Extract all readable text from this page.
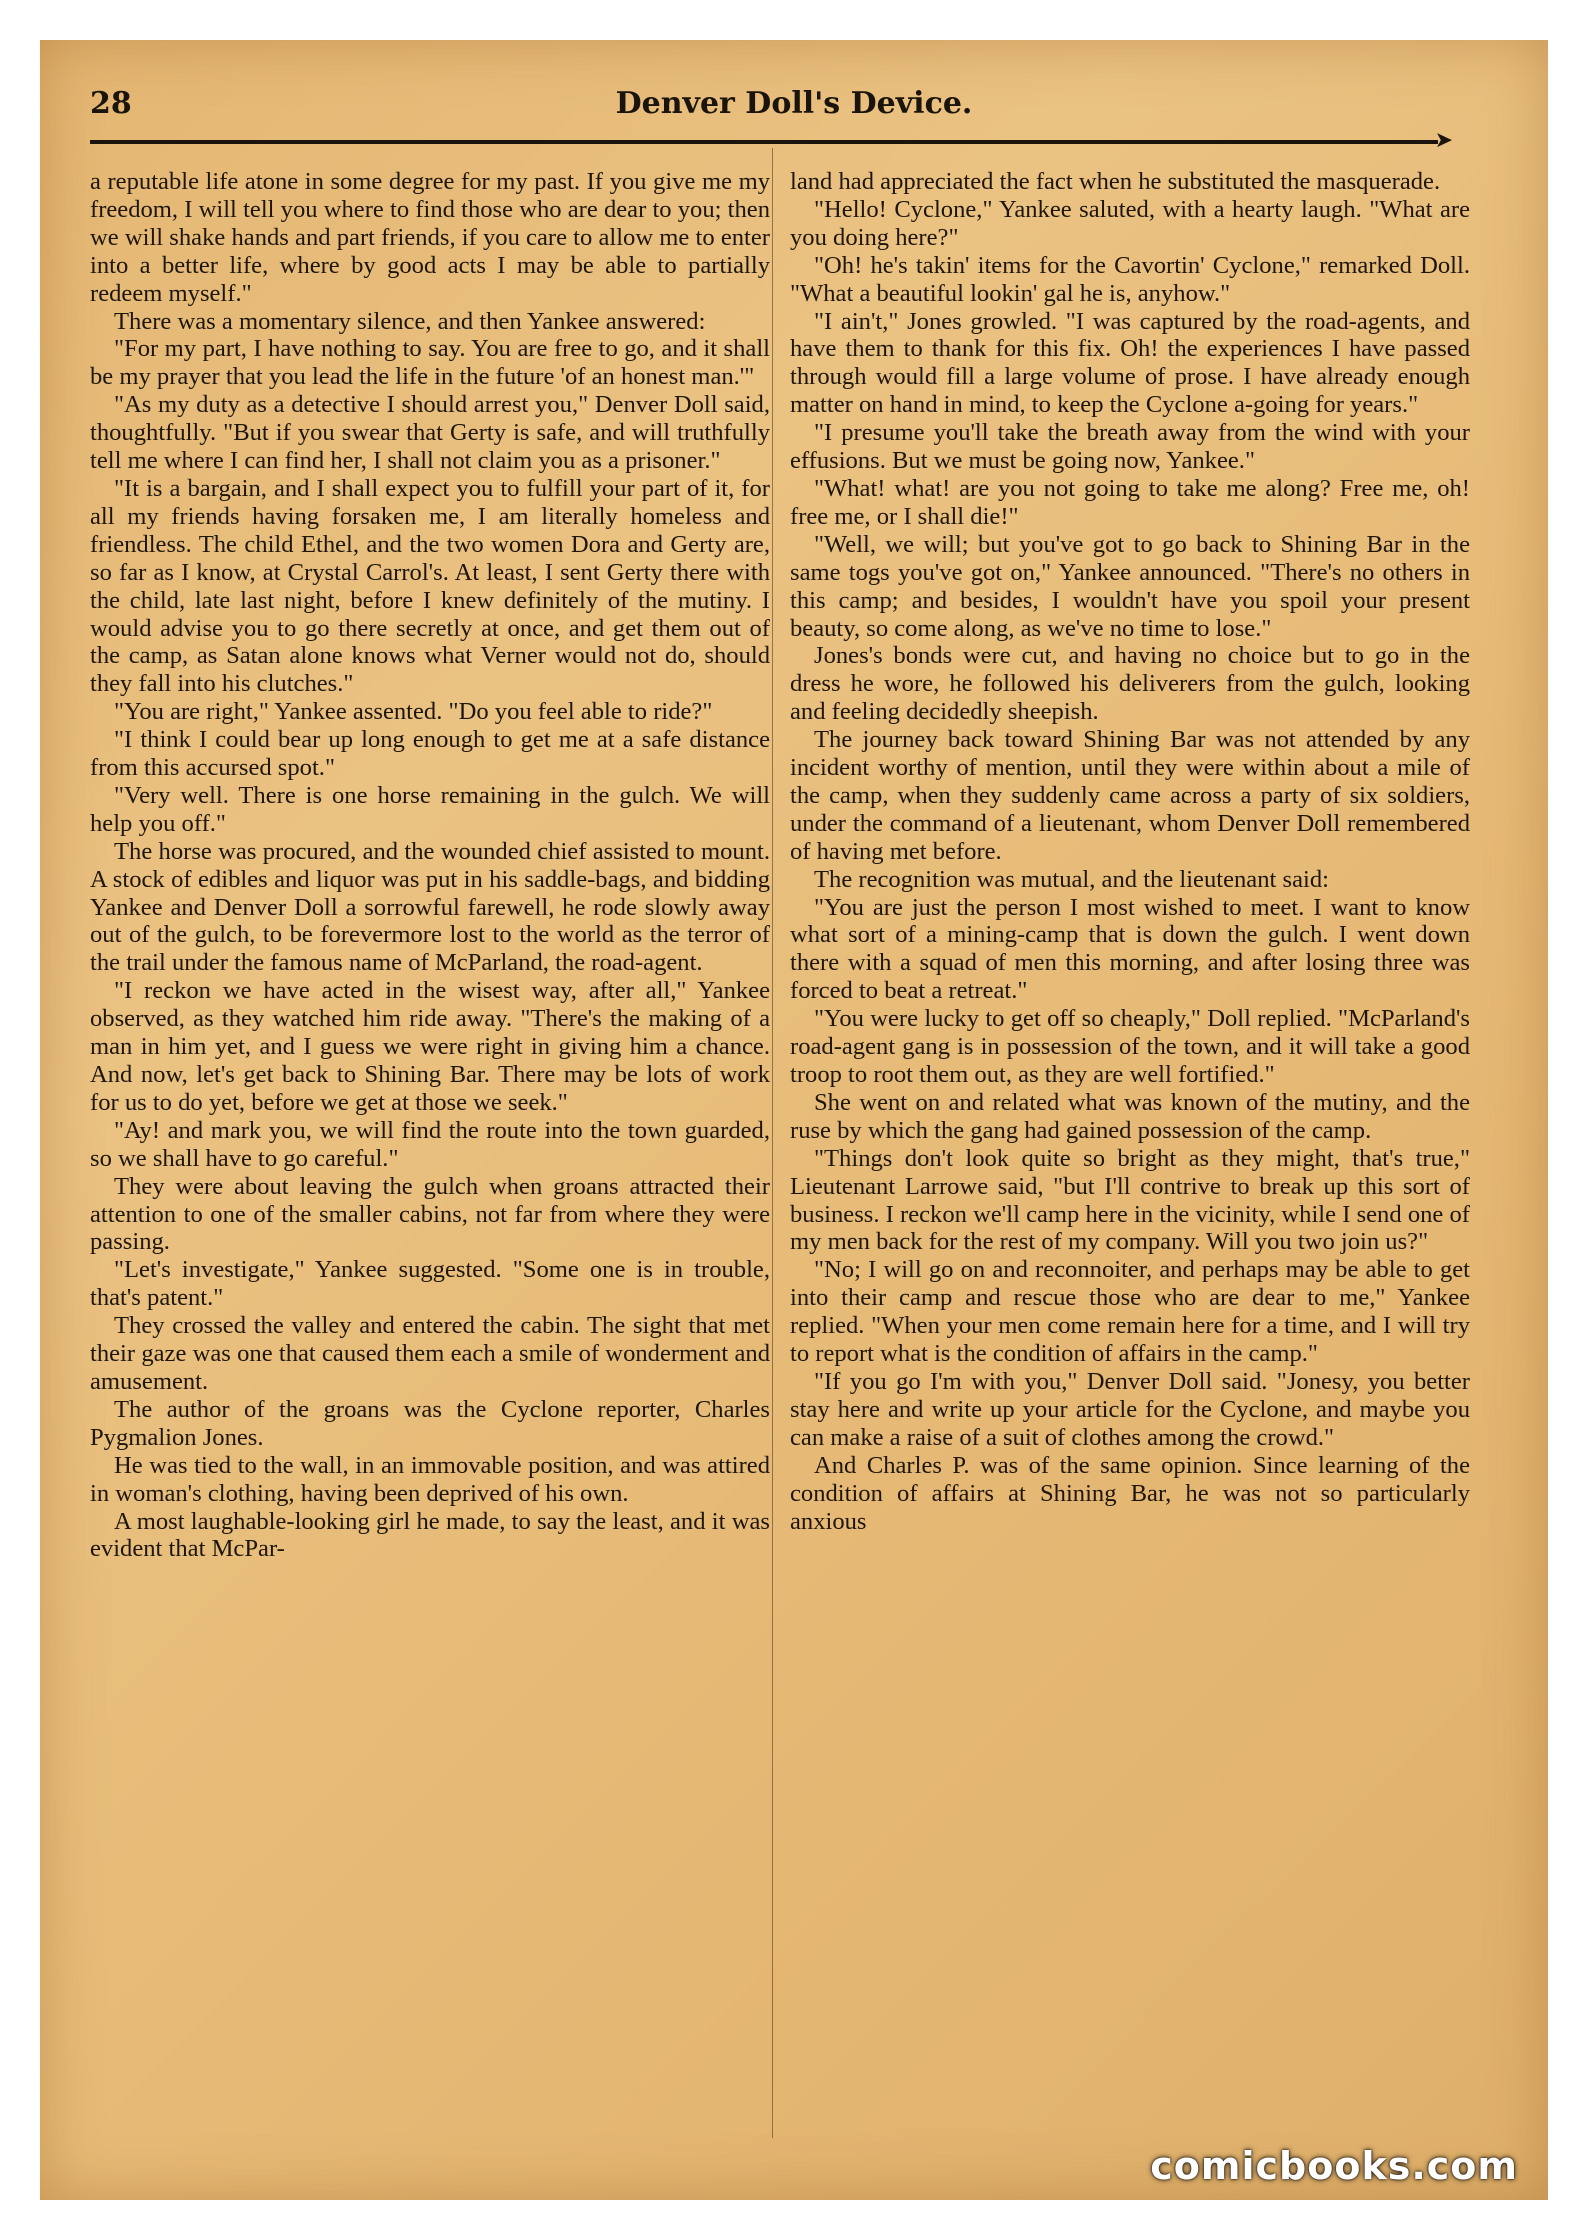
28	Denver Doll's Device.
➤

a reputable life atone in some degree for my past. If you give me my freedom, I will tell you where to find those who are dear to you; then we will shake hands and part friends, if you care to allow me to enter into a better life, where by good acts I may be able to partially redeem myself."

There was a momentary silence, and then Yankee answered:

"For my part, I have nothing to say. You are free to go, and it shall be my prayer that you lead the life in the future 'of an honest man.'"

"As my duty as a detective I should arrest you," Denver Doll said, thoughtfully. "But if you swear that Gerty is safe, and will truthfully tell me where I can find her, I shall not claim you as a prisoner."

"It is a bargain, and I shall expect you to fulfill your part of it, for all my friends having forsaken me, I am literally homeless and friendless. The child Ethel, and the two women Dora and Gerty are, so far as I know, at Crystal Carrol's. At least, I sent Gerty there with the child, late last night, before I knew definitely of the mutiny. I would advise you to go there secretly at once, and get them out of the camp, as Satan alone knows what Verner would not do, should they fall into his clutches."

"You are right," Yankee assented. "Do you feel able to ride?"

"I think I could bear up long enough to get me at a safe distance from this accursed spot."

"Very well. There is one horse remaining in the gulch. We will help you off."

The horse was procured, and the wounded chief assisted to mount. A stock of edibles and liquor was put in his saddle-bags, and bidding Yankee and Denver Doll a sorrowful farewell, he rode slowly away out of the gulch, to be forevermore lost to the world as the terror of the trail under the famous name of McParland, the road-agent.

"I reckon we have acted in the wisest way, after all," Yankee observed, as they watched him ride away. "There's the making of a man in him yet, and I guess we were right in giving him a chance. And now, let's get back to Shining Bar. There may be lots of work for us to do yet, before we get at those we seek."

"Ay! and mark you, we will find the route into the town guarded, so we shall have to go careful."

They were about leaving the gulch when groans attracted their attention to one of the smaller cabins, not far from where they were passing.

"Let's investigate," Yankee suggested. "Some one is in trouble, that's patent."

They crossed the valley and entered the cabin. The sight that met their gaze was one that caused them each a smile of wonderment and amusement.

The author of the groans was the Cyclone reporter, Charles Pygmalion Jones.

He was tied to the wall, in an immovable position, and was attired in woman's clothing, having been deprived of his own.

A most laughable-looking girl he made, to say the least, and it was evident that McPar-

land had appreciated the fact when he substituted the masquerade.

"Hello! Cyclone," Yankee saluted, with a hearty laugh. "What are you doing here?"

"Oh! he's takin' items for the Cavortin' Cyclone," remarked Doll. "What a beautiful lookin' gal he is, anyhow."

"I ain't," Jones growled. "I was captured by the road-agents, and have them to thank for this fix. Oh! the experiences I have passed through would fill a large volume of prose. I have already enough matter on hand in mind, to keep the Cyclone a-going for years."

"I presume you'll take the breath away from the wind with your effusions. But we must be going now, Yankee."

"What! what! are you not going to take me along? Free me, oh! free me, or I shall die!"

"Well, we will; but you've got to go back to Shining Bar in the same togs you've got on," Yankee announced. "There's no others in this camp; and besides, I wouldn't have you spoil your present beauty, so come along, as we've no time to lose."

Jones's bonds were cut, and having no choice but to go in the dress he wore, he followed his deliverers from the gulch, looking and feeling decidedly sheepish.

The journey back toward Shining Bar was not attended by any incident worthy of mention, until they were within about a mile of the camp, when they suddenly came across a party of six soldiers, under the command of a lieutenant, whom Denver Doll remembered of having met before.

The recognition was mutual, and the lieutenant said:

"You are just the person I most wished to meet. I want to know what sort of a mining-camp that is down the gulch. I went down there with a squad of men this morning, and after losing three was forced to beat a retreat."

"You were lucky to get off so cheaply," Doll replied. "McParland's road-agent gang is in possession of the town, and it will take a good troop to root them out, as they are well fortified."

She went on and related what was known of the mutiny, and the ruse by which the gang had gained possession of the camp.

"Things don't look quite so bright as they might, that's true," Lieutenant Larrowe said, "but I'll contrive to break up this sort of business. I reckon we'll camp here in the vicinity, while I send one of my men back for the rest of my company. Will you two join us?"

"No; I will go on and reconnoiter, and perhaps may be able to get into their camp and rescue those who are dear to me," Yankee replied. "When your men come remain here for a time, and I will try to report what is the condition of affairs in the camp."

"If you go I'm with you," Denver Doll said. "Jonesy, you better stay here and write up your article for the Cyclone, and maybe you can make a raise of a suit of clothes among the crowd."

And Charles P. was of the same opinion. Since learning of the condition of affairs at Shining Bar, he was not so particularly anxious

comicbooks.com
